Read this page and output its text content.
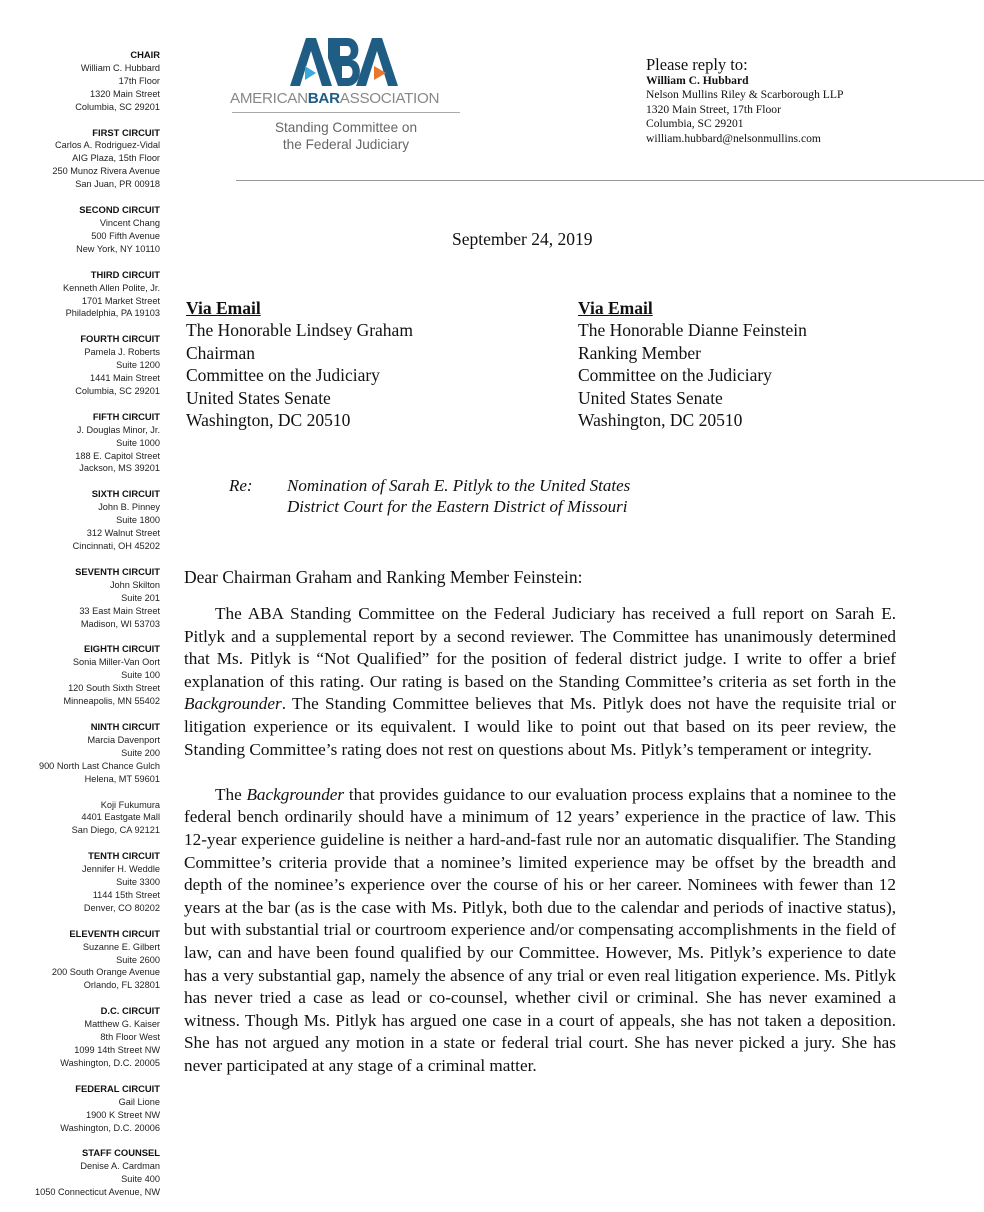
CHAIR
William C. Hubbard
17th Floor
1320 Main Street
Columbia, SC 29201
FIRST CIRCUIT
Carlos A. Rodriguez-Vidal
AIG Plaza, 15th Floor
250 Munoz Rivera Avenue
San Juan, PR 00918
SECOND CIRCUIT
Vincent Chang
500 Fifth Avenue
New York, NY 10110
THIRD CIRCUIT
Kenneth Allen Polite, Jr.
1701 Market Street
Philadelphia, PA 19103
FOURTH CIRCUIT
Pamela J. Roberts
Suite 1200
1441 Main Street
Columbia, SC 29201
FIFTH CIRCUIT
J. Douglas Minor, Jr.
Suite 1000
188 E. Capitol Street
Jackson, MS 39201
SIXTH CIRCUIT
John B. Pinney
Suite 1800
312 Walnut Street
Cincinnati, OH 45202
SEVENTH CIRCUIT
John Skilton
Suite 201
33 East Main Street
Madison, WI 53703
EIGHTH CIRCUIT
Sonia Miller-Van Oort
Suite 100
120 South Sixth Street
Minneapolis, MN 55402
NINTH CIRCUIT
Marcia Davenport
Suite 200
900 North Last Chance Gulch
Helena, MT 59601
Koji Fukumura
4401 Eastgate Mall
San Diego, CA 92121
TENTH CIRCUIT
Jennifer H. Weddle
Suite 3300
1144 15th Street
Denver, CO 80202
ELEVENTH CIRCUIT
Suzanne E. Gilbert
Suite 2600
200 South Orange Avenue
Orlando, FL 32801
D.C. CIRCUIT
Matthew G. Kaiser
8th Floor West
1099 14th Street NW
Washington, D.C. 20005
FEDERAL CIRCUIT
Gail Lione
1900 K Street NW
Washington, D.C. 20006
STAFF COUNSEL
Denise A. Cardman
Suite 400
1050 Connecticut Avenue, NW
AMERICANBARASSOCIATION
Standing Committee on
the Federal Judiciary
Please reply to:
William C. Hubbard
Nelson Mullins Riley & Scarborough LLP
1320 Main Street, 17th Floor
Columbia, SC 29201
william.hubbard@nelsonmullins.com
September 24, 2019
Via Email
The Honorable Lindsey Graham
Chairman
Committee on the Judiciary
United States Senate
Washington, DC 20510
Via Email
The Honorable Dianne Feinstein
Ranking Member
Committee on the Judiciary
United States Senate
Washington, DC 20510
Re: Nomination of Sarah E. Pitlyk to the United States
District Court for the Eastern District of Missouri
Dear Chairman Graham and Ranking Member Feinstein:

The ABA Standing Committee on the Federal Judiciary has received a full report on Sarah E. Pitlyk and a supplemental report by a second reviewer. The Committee has unanimously determined that Ms. Pitlyk is “Not Qualified” for the position of federal district judge. I write to offer a brief explanation of this rating. Our rating is based on the Standing Committee’s criteria as set forth in the Backgrounder. The Standing Committee believes that Ms. Pitlyk does not have the requisite trial or litigation experience or its equivalent. I would like to point out that based on its peer review, the Standing Committee’s rating does not rest on questions about Ms. Pitlyk’s temperament or integrity.

The Backgrounder that provides guidance to our evaluation process explains that a nominee to the federal bench ordinarily should have a minimum of 12 years’ experience in the practice of law. This 12-year experience guideline is neither a hard-and-fast rule nor an automatic disqualifier. The Standing Committee’s criteria provide that a nominee’s limited experience may be offset by the breadth and depth of the nominee’s experience over the course of his or her career. Nominees with fewer than 12 years at the bar (as is the case with Ms. Pitlyk, both due to the calendar and periods of inactive status), but with substantial trial or courtroom experience and/or compensating accomplishments in the field of law, can and have been found qualified by our Committee. However, Ms. Pitlyk’s experience to date has a very substantial gap, namely the absence of any trial or even real litigation experience. Ms. Pitlyk has never tried a case as lead or co-counsel, whether civil or criminal. She has never examined a witness. Though Ms. Pitlyk has argued one case in a court of appeals, she has not taken a deposition. She has not argued any motion in a state or federal trial court. She has never picked a jury. She has never participated at any stage of a criminal matter.
